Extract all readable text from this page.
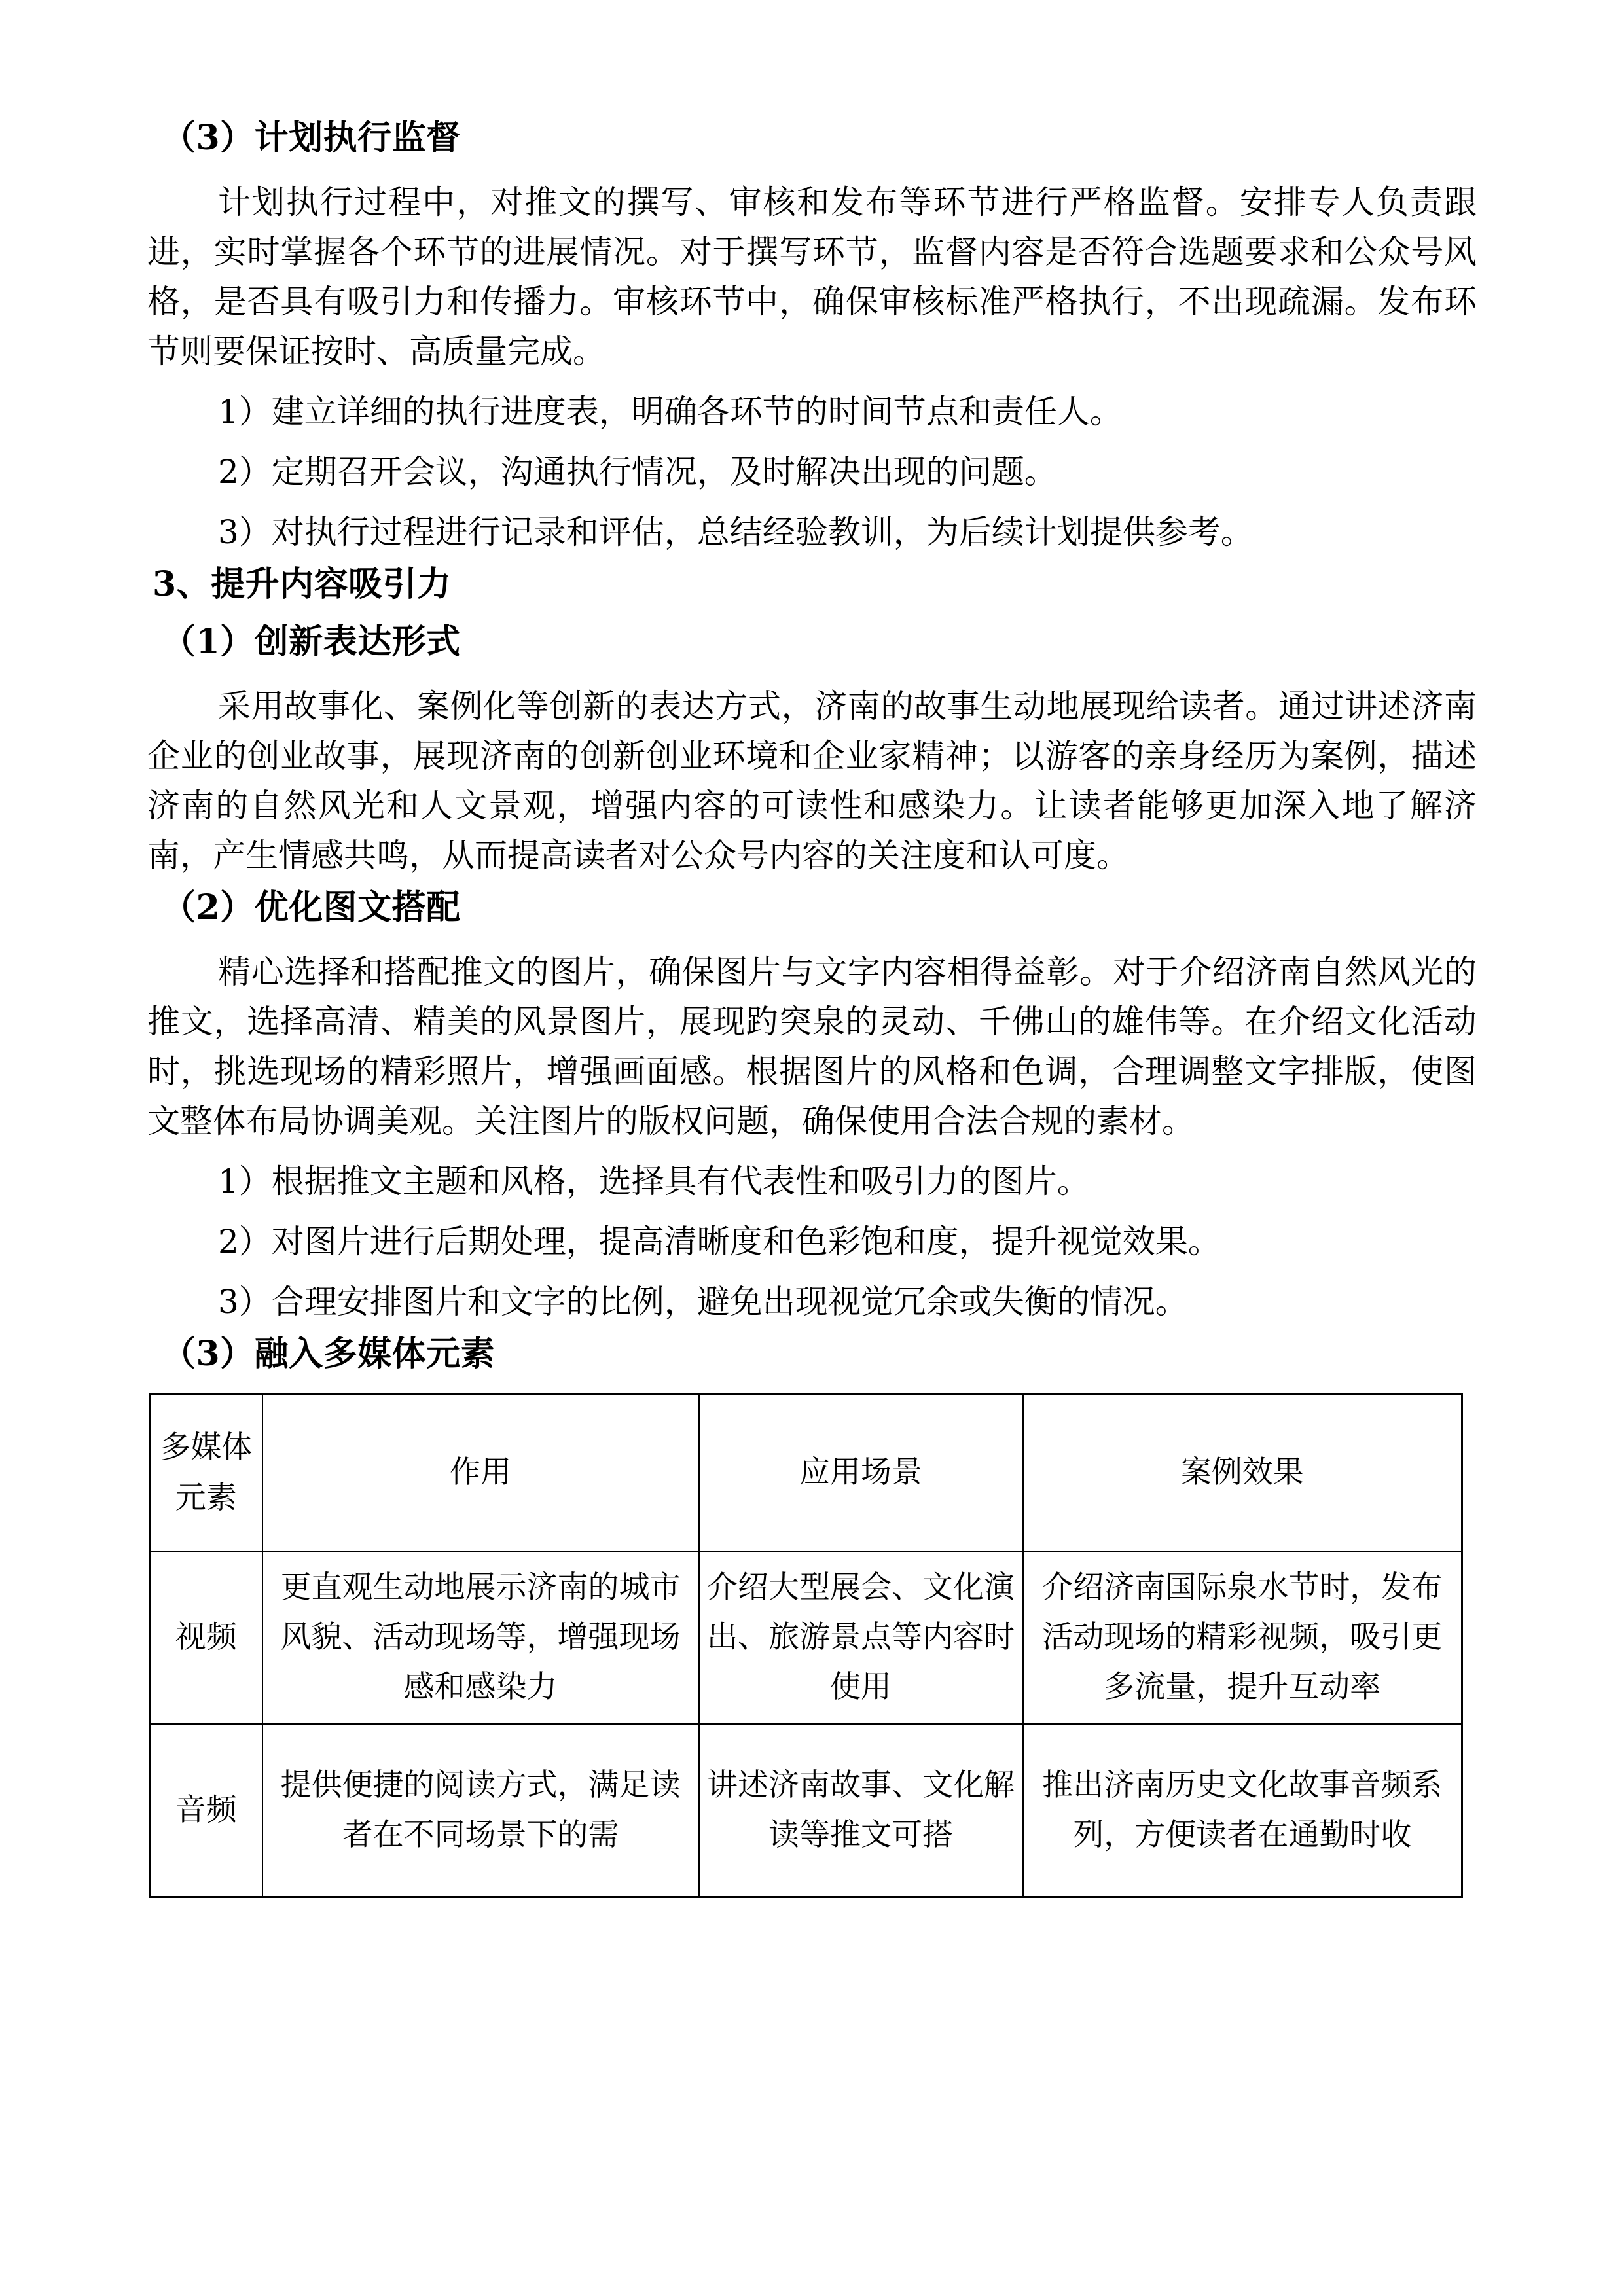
（3）计划执行监督

计划执行过程中，对推文的撰写、审核和发布等环节进行严格监督。安排专人负责跟进，实时掌握各个环节的进展情况。对于撰写环节，监督内容是否符合选题要求和公众号风格，是否具有吸引力和传播力。审核环节中，确保审核标准严格执行，不出现疏漏。发布环节则要保证按时、高质量完成。

1）建立详细的执行进度表，明确各环节的时间节点和责任人。

2）定期召开会议，沟通执行情况，及时解决出现的问题。

3）对执行过程进行记录和评估，总结经验教训，为后续计划提供参考。

3、提升内容吸引力
（1）创新表达形式

采用故事化、案例化等创新的表达方式，济南的故事生动地展现给读者。通过讲述济南企业的创业故事，展现济南的创新创业环境和企业家精神；以游客的亲身经历为案例，描述济南的自然风光和人文景观，增强内容的可读性和感染力。让读者能够更加深入地了解济南，产生情感共鸣，从而提高读者对公众号内容的关注度和认可度。

（2）优化图文搭配

精心选择和搭配推文的图片，确保图片与文字内容相得益彰。对于介绍济南自然风光的推文，选择高清、精美的风景图片，展现趵突泉的灵动、千佛山的雄伟等。在介绍文化活动时，挑选现场的精彩照片，增强画面感。根据图片的风格和色调，合理调整文字排版，使图文整体布局协调美观。关注图片的版权问题，确保使用合法合规的素材。

1）根据推文主题和风格，选择具有代表性和吸引力的图片。

2）对图片进行后期处理，提高清晰度和色彩饱和度，提升视觉效果。

3）合理安排图片和文字的比例，避免出现视觉冗余或失衡的情况。

（3）融入多媒体元素
多媒体元素	作用	应用场景	案例效果
视频	更直观生动地展示济南的城市风貌、活动现场等，增强现场感和感染力	介绍大型展会、文化演出、旅游景点等内容时使用	介绍济南国际泉水节时，发布活动现场的精彩视频，吸引更多流量，提升互动率
音频	提供便捷的阅读方式，满足读者在不同场景下的需	讲述济南故事、文化解读等推文可搭	推出济南历史文化故事音频系列，方便读者在通勤时收
